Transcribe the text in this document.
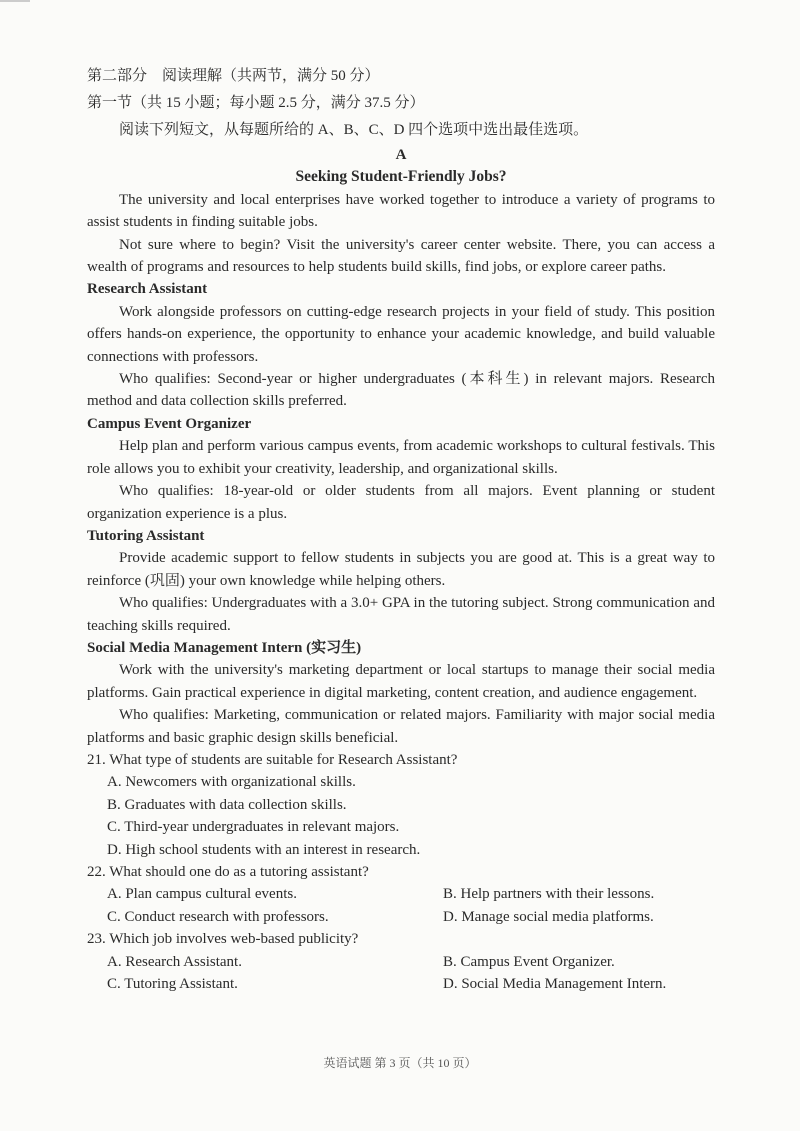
第二部分　阅读理解（共两节，满分 50 分）
第一节（共 15 小题；每小题 2.5 分，满分 37.5 分）
阅读下列短文，从每题所给的 A、B、C、D 四个选项中选出最佳选项。
A
Seeking Student-Friendly Jobs?

The university and local enterprises have worked together to introduce a variety of programs to assist students in finding suitable jobs.

Not sure where to begin? Visit the university's career center website. There, you can access a wealth of programs and resources to help students build skills, find jobs, or explore career paths.

Research Assistant

Work alongside professors on cutting-edge research projects in your field of study. This position offers hands-on experience, the opportunity to enhance your academic knowledge, and build valuable connections with professors.

Who qualifies: Second-year or higher undergraduates (本科生) in relevant majors. Research method and data collection skills preferred.

Campus Event Organizer

Help plan and perform various campus events, from academic workshops to cultural festivals. This role allows you to exhibit your creativity, leadership, and organizational skills.

Who qualifies: 18-year-old or older students from all majors. Event planning or student organization experience is a plus.

Tutoring Assistant

Provide academic support to fellow students in subjects you are good at. This is a great way to reinforce (巩固) your own knowledge while helping others.

Who qualifies: Undergraduates with a 3.0+ GPA in the tutoring subject. Strong communication and teaching skills required.

Social Media Management Intern (实习生)

Work with the university's marketing department or local startups to manage their social media platforms. Gain practical experience in digital marketing, content creation, and audience engagement.

Who qualifies: Marketing, communication or related majors. Familiarity with major social media platforms and basic graphic design skills beneficial.

21. What type of students are suitable for Research Assistant?
A. Newcomers with organizational skills.
B. Graduates with data collection skills.
C. Third-year undergraduates in relevant majors.
D. High school students with an interest in research.
22. What should one do as a tutoring assistant?
A. Plan campus cultural events.	B. Help partners with their lessons.
C. Conduct research with professors.	D. Manage social media platforms.
23. Which job involves web-based publicity?
A. Research Assistant.	B. Campus Event Organizer.
C. Tutoring Assistant.	D. Social Media Management Intern.
英语试题 第 3 页（共 10 页）
